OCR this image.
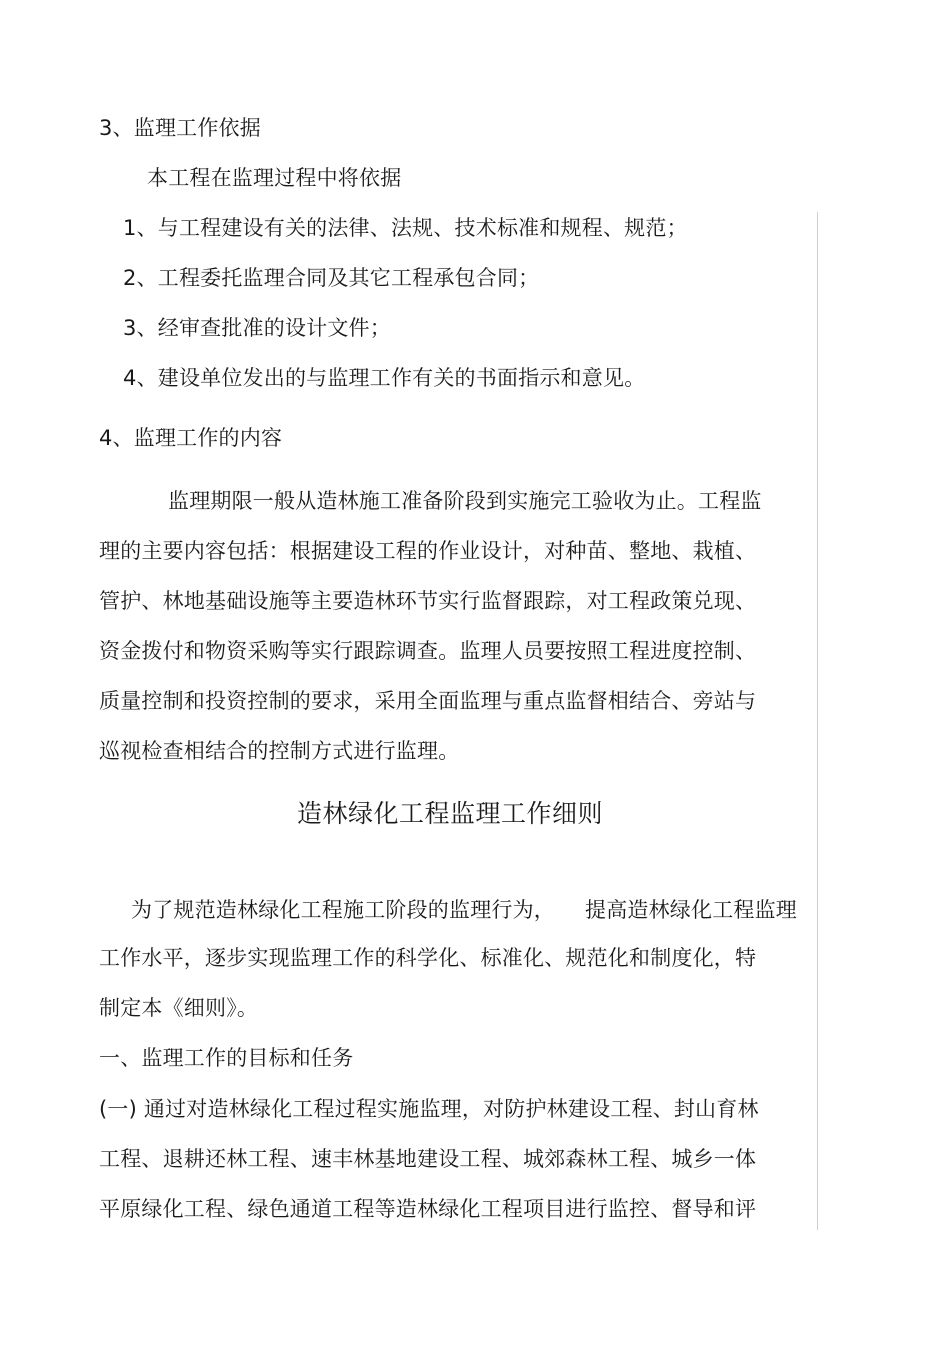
3、监理工作依据
本工程在监理过程中将依据
1、与工程建设有关的法律、法规、技术标准和规程、规范；
2、工程委托监理合同及其它工程承包合同；
3、经审查批准的设计文件；
4、建设单位发出的与监理工作有关的书面指示和意见。
4、监理工作的内容
监理期限一般从造林施工准备阶段到实施完工验收为止。工程监
理的主要内容包括：根据建设工程的作业设计，对种苗、整地、栽植、
管护、林地基础设施等主要造林环节实行监督跟踪，对工程政策兑现、
资金拨付和物资采购等实行跟踪调查。监理人员要按照工程进度控制、
质量控制和投资控制的要求，采用全面监理与重点监督相结合、旁站与
巡视检查相结合的控制方式进行监理。
造林绿化工程监理工作细则
为了规范造林绿化工程施工阶段的监理行为， 提高造林绿化工程监理
工作水平，逐步实现监理工作的科学化、标准化、规范化和制度化，特
制定本《细则》。
一、监理工作的目标和任务
(一) 通过对造林绿化工程过程实施监理，对防护林建设工程、封山育林
工程、退耕还林工程、速丰林基地建设工程、城郊森林工程、城乡一体
平原绿化工程、绿色通道工程等造林绿化工程项目进行监控、督导和评
